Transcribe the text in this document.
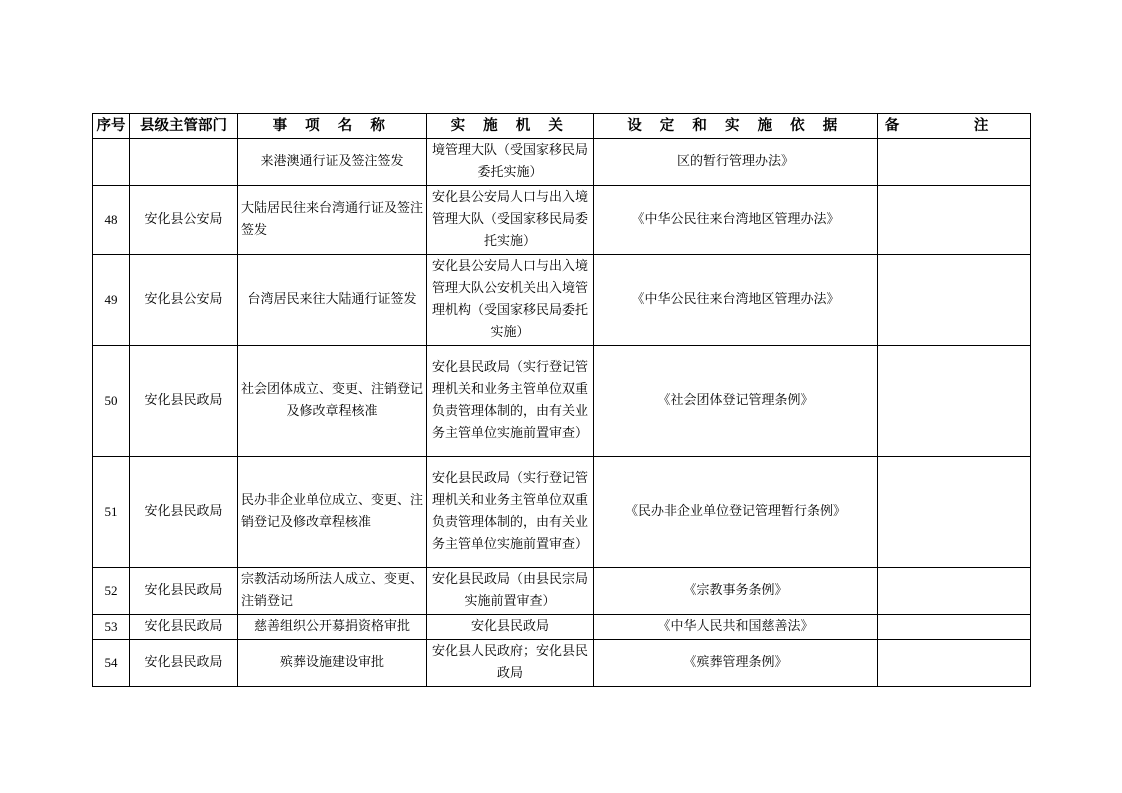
序号	县级主管部门	事 项 名 称	实 施 机 关	设 定 和 实 施 依 据	备 注
		来港澳通行证及签注签发	境管理大队（受国家移民局委托实施）	区的暂行管理办法》	
48	安化县公安局	大陆居民往来台湾通行证及签注签发	安化县公安局人口与出入境管理大队（受国家移民局委托实施）	《中华公民往来台湾地区管理办法》	
49	安化县公安局	台湾居民来往大陆通行证签发	安化县公安局人口与出入境管理大队公安机关出入境管理机构（受国家移民局委托实施）	《中华公民往来台湾地区管理办法》	
50	安化县民政局	社会团体成立、变更、注销登记及修改章程核准	安化县民政局（实行登记管理机关和业务主管单位双重负责管理体制的，由有关业务主管单位实施前置审查）	《社会团体登记管理条例》	
51	安化县民政局	民办非企业单位成立、变更、注销登记及修改章程核准	安化县民政局（实行登记管理机关和业务主管单位双重负责管理体制的，由有关业务主管单位实施前置审查）	《民办非企业单位登记管理暂行条例》	
52	安化县民政局	宗教活动场所法人成立、变更、注销登记	安化县民政局（由县民宗局实施前置审查）	《宗教事务条例》	
53	安化县民政局	慈善组织公开募捐资格审批	安化县民政局	《中华人民共和国慈善法》	
54	安化县民政局	殡葬设施建设审批	安化县人民政府；安化县民政局	《殡葬管理条例》	
